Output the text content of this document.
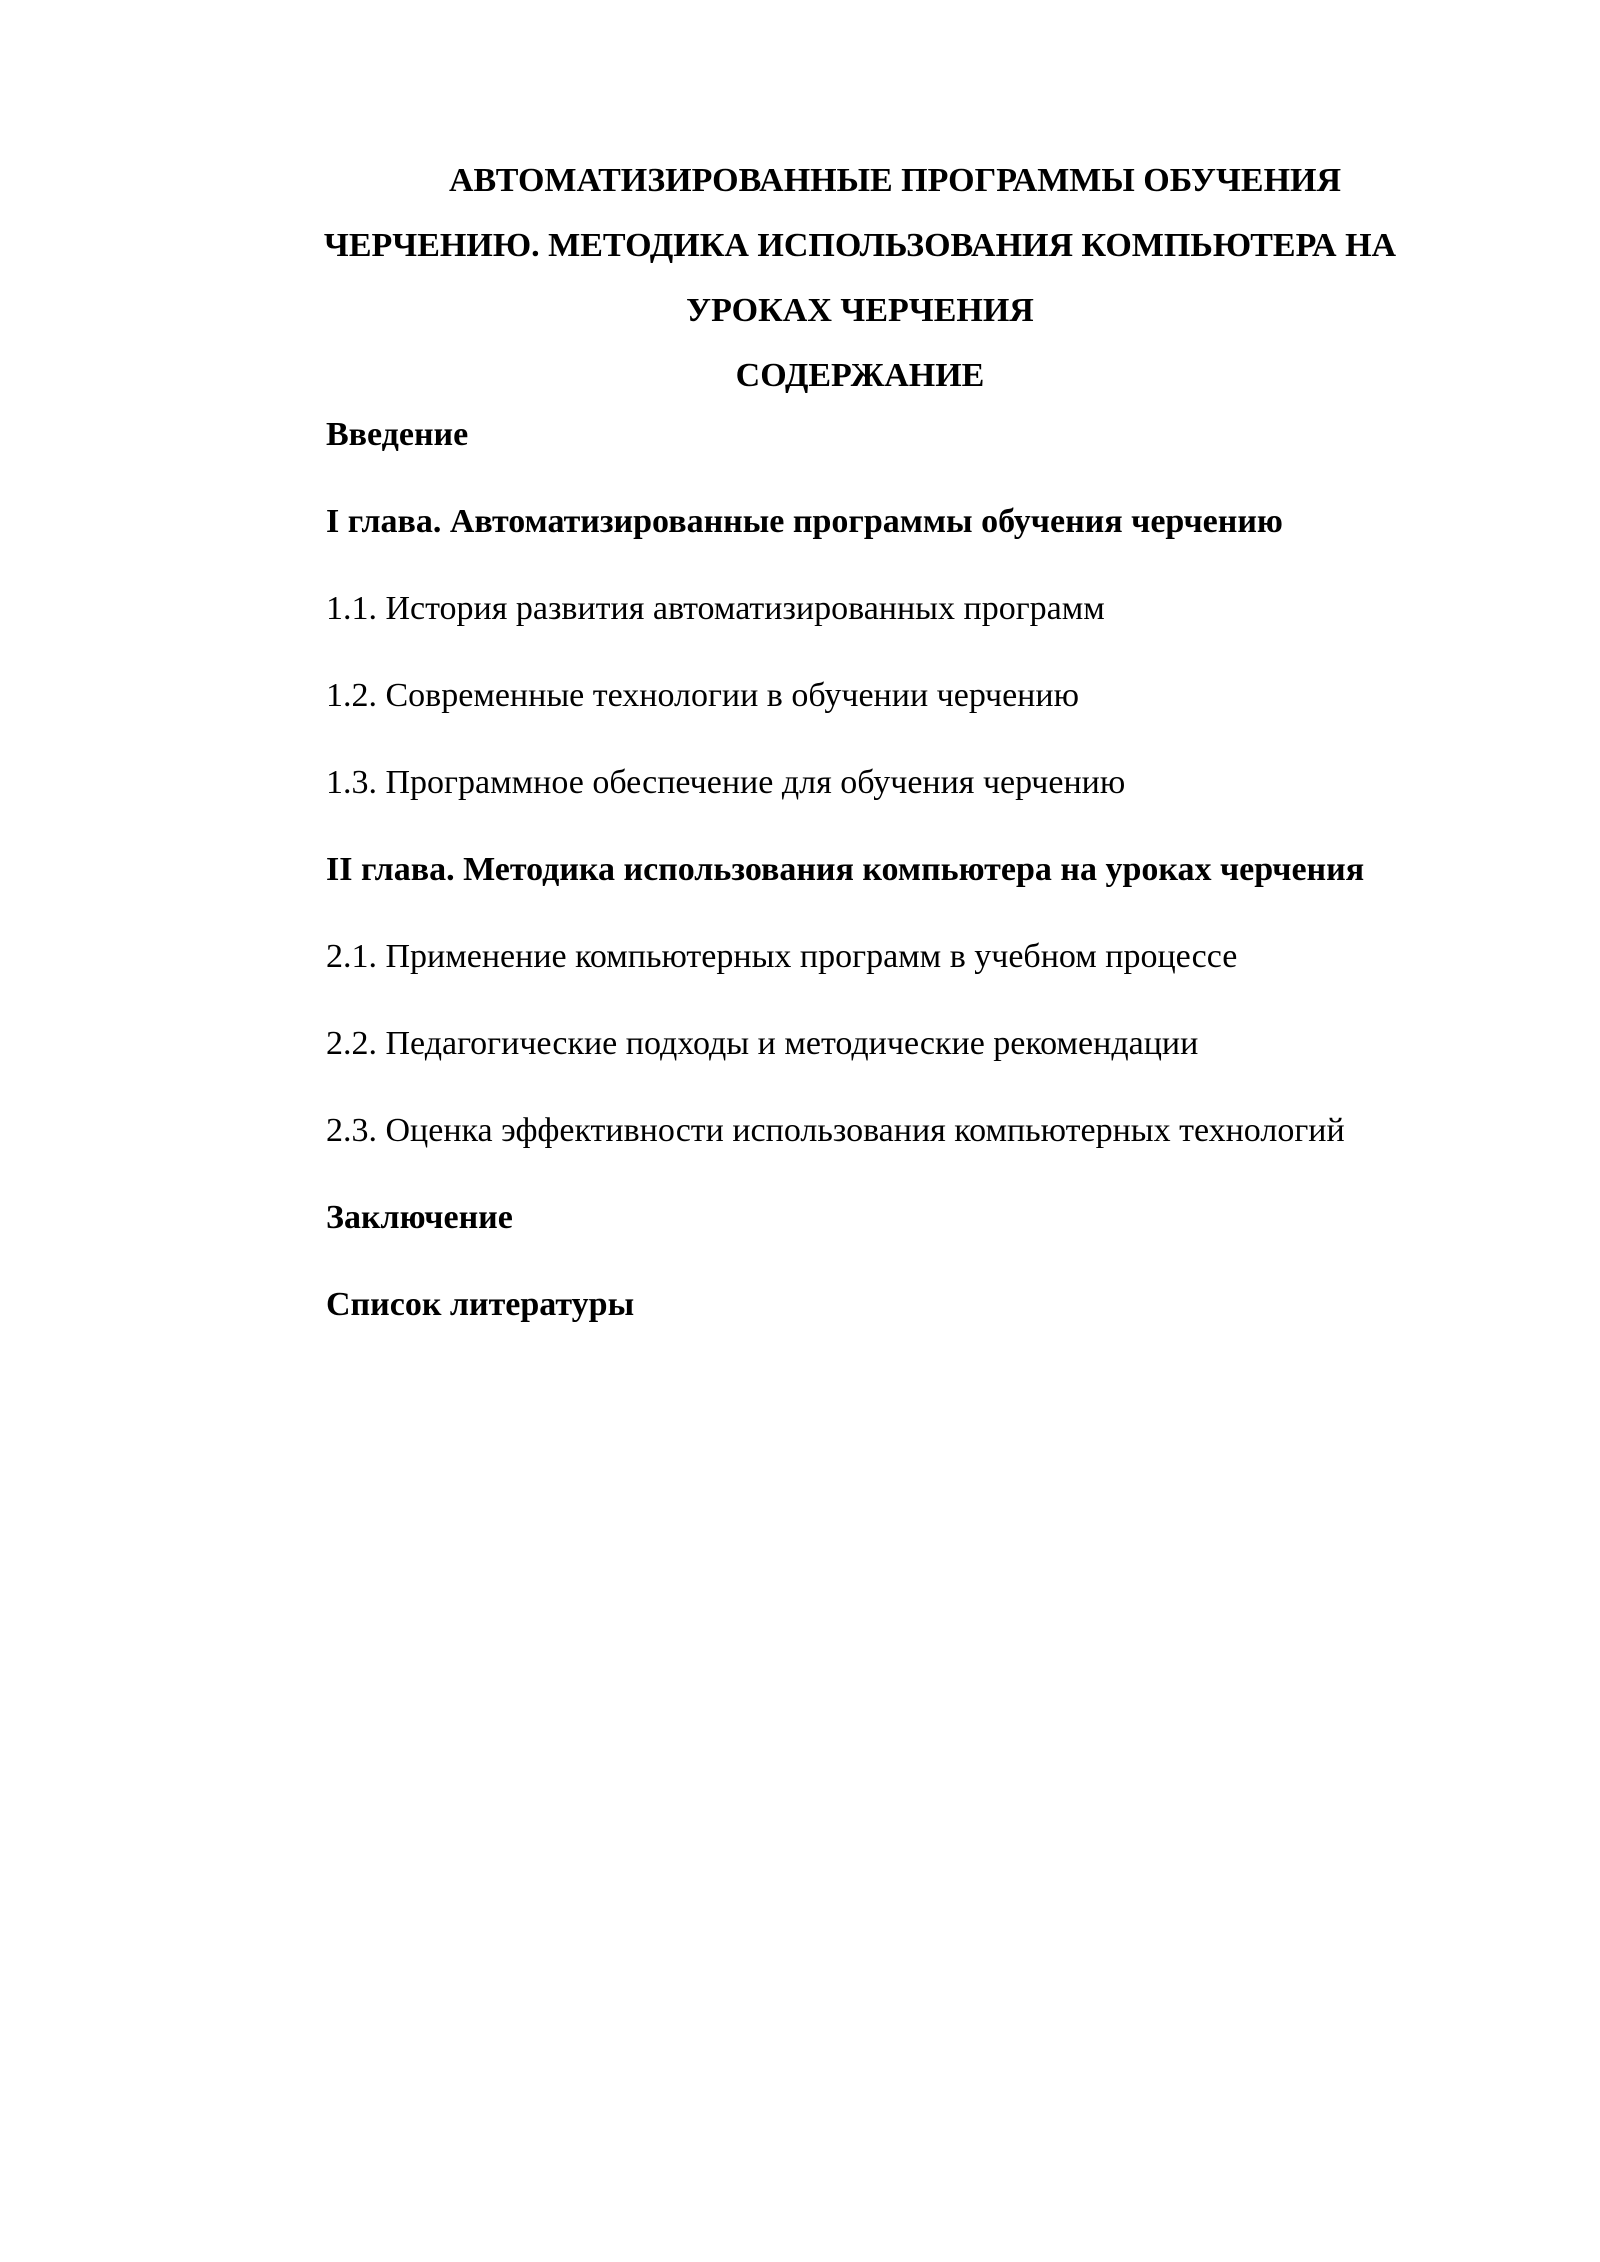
АВТОМАТИЗИРОВАННЫЕ ПРОГРАММЫ ОБУЧЕНИЯ
ЧЕРЧЕНИЮ. МЕТОДИКА ИСПОЛЬЗОВАНИЯ КОМПЬЮТЕРА НА
УРОКАХ ЧЕРЧЕНИЯ
СОДЕРЖАНИЕ
Введение
I глава. Автоматизированные программы обучения черчению
1.1. История развития автоматизированных программ
1.2. Современные технологии в обучении черчению
1.3. Программное обеспечение для обучения черчению
II глава. Методика использования компьютера на уроках черчения
2.1. Применение компьютерных программ в учебном процессе
2.2. Педагогические подходы и методические рекомендации
2.3. Оценка эффективности использования компьютерных технологий
Заключение
Список литературы
